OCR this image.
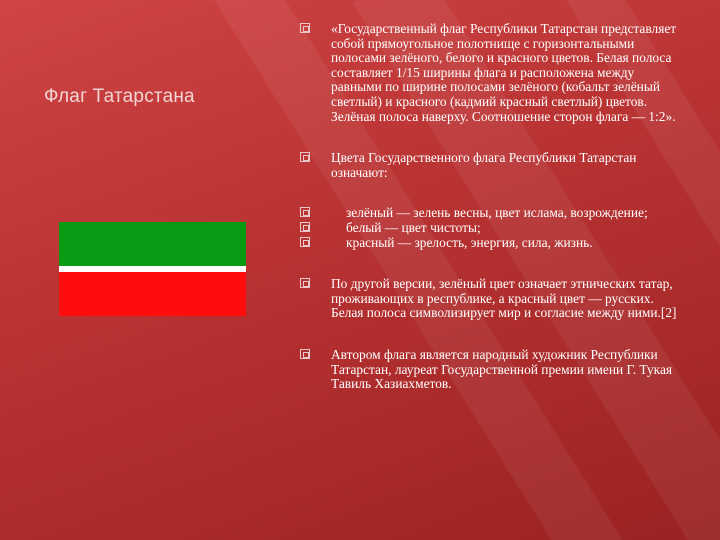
Флаг Татарстана
«Государственный флаг Республики Татарстан представляет собой прямоугольное полотнище с горизонтальными полосами зелёного, белого и красного цветов. Белая полоса составляет 1/15 ширины флага и расположена между равными по ширине полосами зелёного (кобальт зелёный светлый) и красного (кадмий красный светлый) цветов. Зелёная полоса наверху. Соотношение сторон флага — 1:2».
Цвета Государственного флага Республики Татарстан означают:
зелёный — зелень весны, цвет ислама, возрождение;
белый — цвет чистоты;
красный — зрелость, энергия, сила, жизнь.
По другой версии, зелёный цвет означает этнических татар, проживающих в республике, а красный цвет — русских. Белая полоса символизирует мир и согласие между ними.[2]
Автором флага является народный художник Республики Татарстан, лауреат Государственной премии имени Г. Тукая Тавиль Хазиахметов.
